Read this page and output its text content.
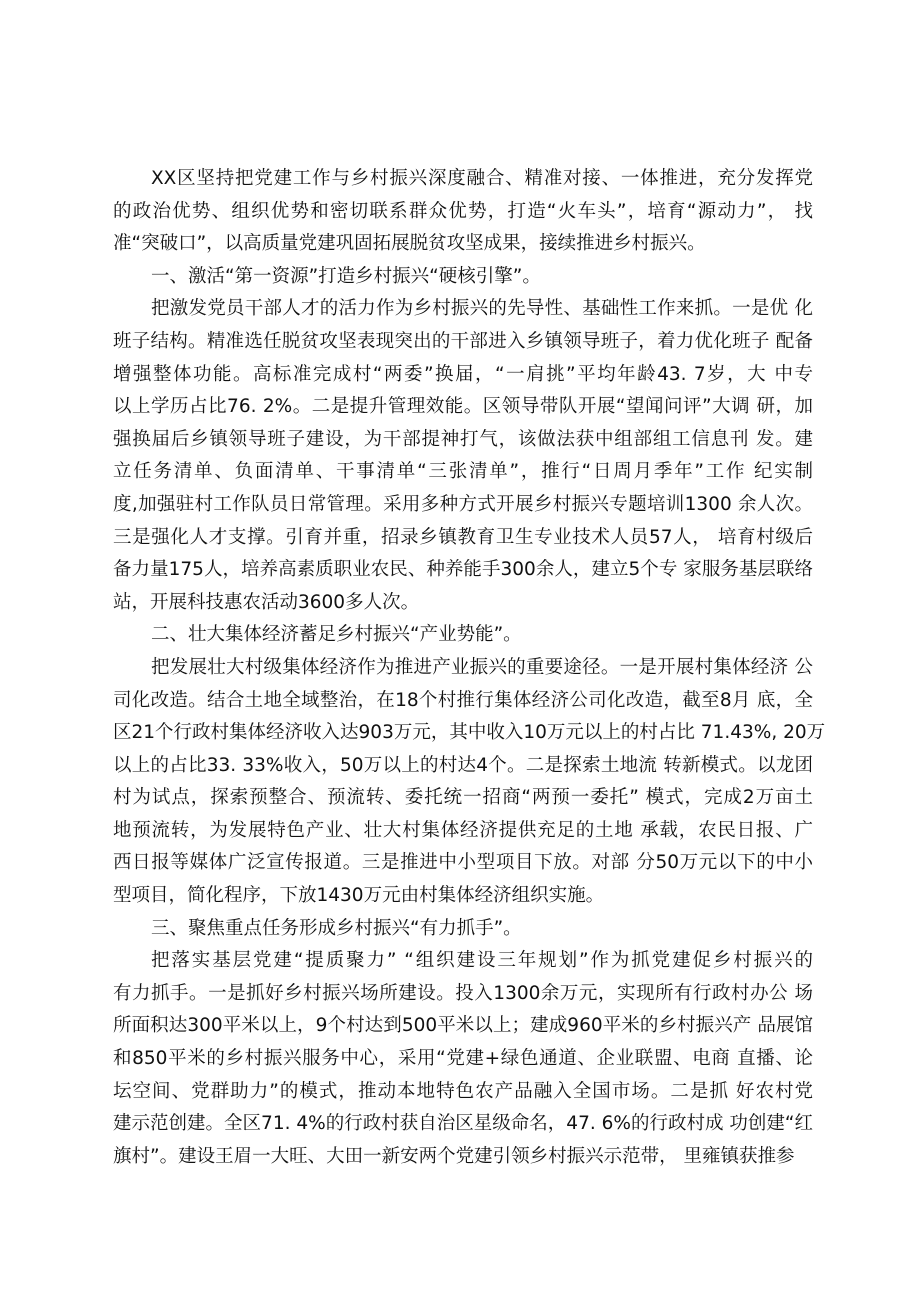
XX区坚持把党建工作与乡村振兴深度融合、精准对接、一体推进，充分发挥党
的政治优势、组织优势和密切联系群众优势，打造“火车头”，培育“源动力”， 找
准“突破口”，以高质量党建巩固拓展脱贫攻坚成果，接续推进乡村振兴。
一、激活“第一资源”打造乡村振兴“硬核引擎”。
把激发党员干部人才的活力作为乡村振兴的先导性、基础性工作来抓。一是优 化
班子结构。精准选任脱贫攻坚表现突出的干部进入乡镇领导班子，着力优化班子 配备
增强整体功能。高标准完成村“两委”换届，“一肩挑”平均年龄43. 7岁，大 中专
以上学历占比76. 2%。二是提升管理效能。区领导带队开展“望闻问评”大调 研，加
强换届后乡镇领导班子建设，为干部提神打气，该做法获中组部组工信息刊 发。建
立任务清单、负面清单、干事清单“三张清单”，推行“日周月季年”工作 纪实制
度,加强驻村工作队员日常管理。采用多种方式开展乡村振兴专题培训1300 余人次。
三是强化人才支撑。引育并重，招录乡镇教育卫生专业技术人员57人， 培育村级后
备力量175人，培养高素质职业农民、种养能手300余人，建立5个专 家服务基层联络
站，开展科技惠农活动3600多人次。
二、壮大集体经济蓄足乡村振兴“产业势能”。
把发展壮大村级集体经济作为推进产业振兴的重要途径。一是开展村集体经济 公
司化改造。结合土地全域整治，在18个村推行集体经济公司化改造，截至8月 底，全
区21个行政村集体经济收入达903万元，其中收入10万元以上的村占比 71.43%, 20万
以上的占比33. 33%收入，50万以上的村达4个。二是探索土地流 转新模式。以龙团
村为试点，探索预整合、预流转、委托统一招商“两预一委托” 模式，完成2万亩土
地预流转，为发展特色产业、壮大村集体经济提供充足的土地 承载，农民日报、广
西日报等媒体广泛宣传报道。三是推进中小型项目下放。对部 分50万元以下的中小
型项目，简化程序，下放1430万元由村集体经济组织实施。
三、聚焦重点任务形成乡村振兴“有力抓手”。
把落实基层党建“提质聚力” “组织建设三年规划”作为抓党建促乡村振兴的
有力抓手。一是抓好乡村振兴场所建设。投入1300余万元，实现所有行政村办公 场
所面积达300平米以上，9个村达到500平米以上；建成960平米的乡村振兴产 品展馆
和850平米的乡村振兴服务中心，采用“党建+绿色通道、企业联盟、电商 直播、论
坛空间、党群助力”的模式，推动本地特色农产品融入全国市场。二是抓 好农村党
建示范创建。全区71. 4%的行政村获自治区星级命名，47. 6%的行政村成 功创建“红
旗村”。建设王眉一大旺、大田一新安两个党建引领乡村振兴示范带， 里雍镇获推参
